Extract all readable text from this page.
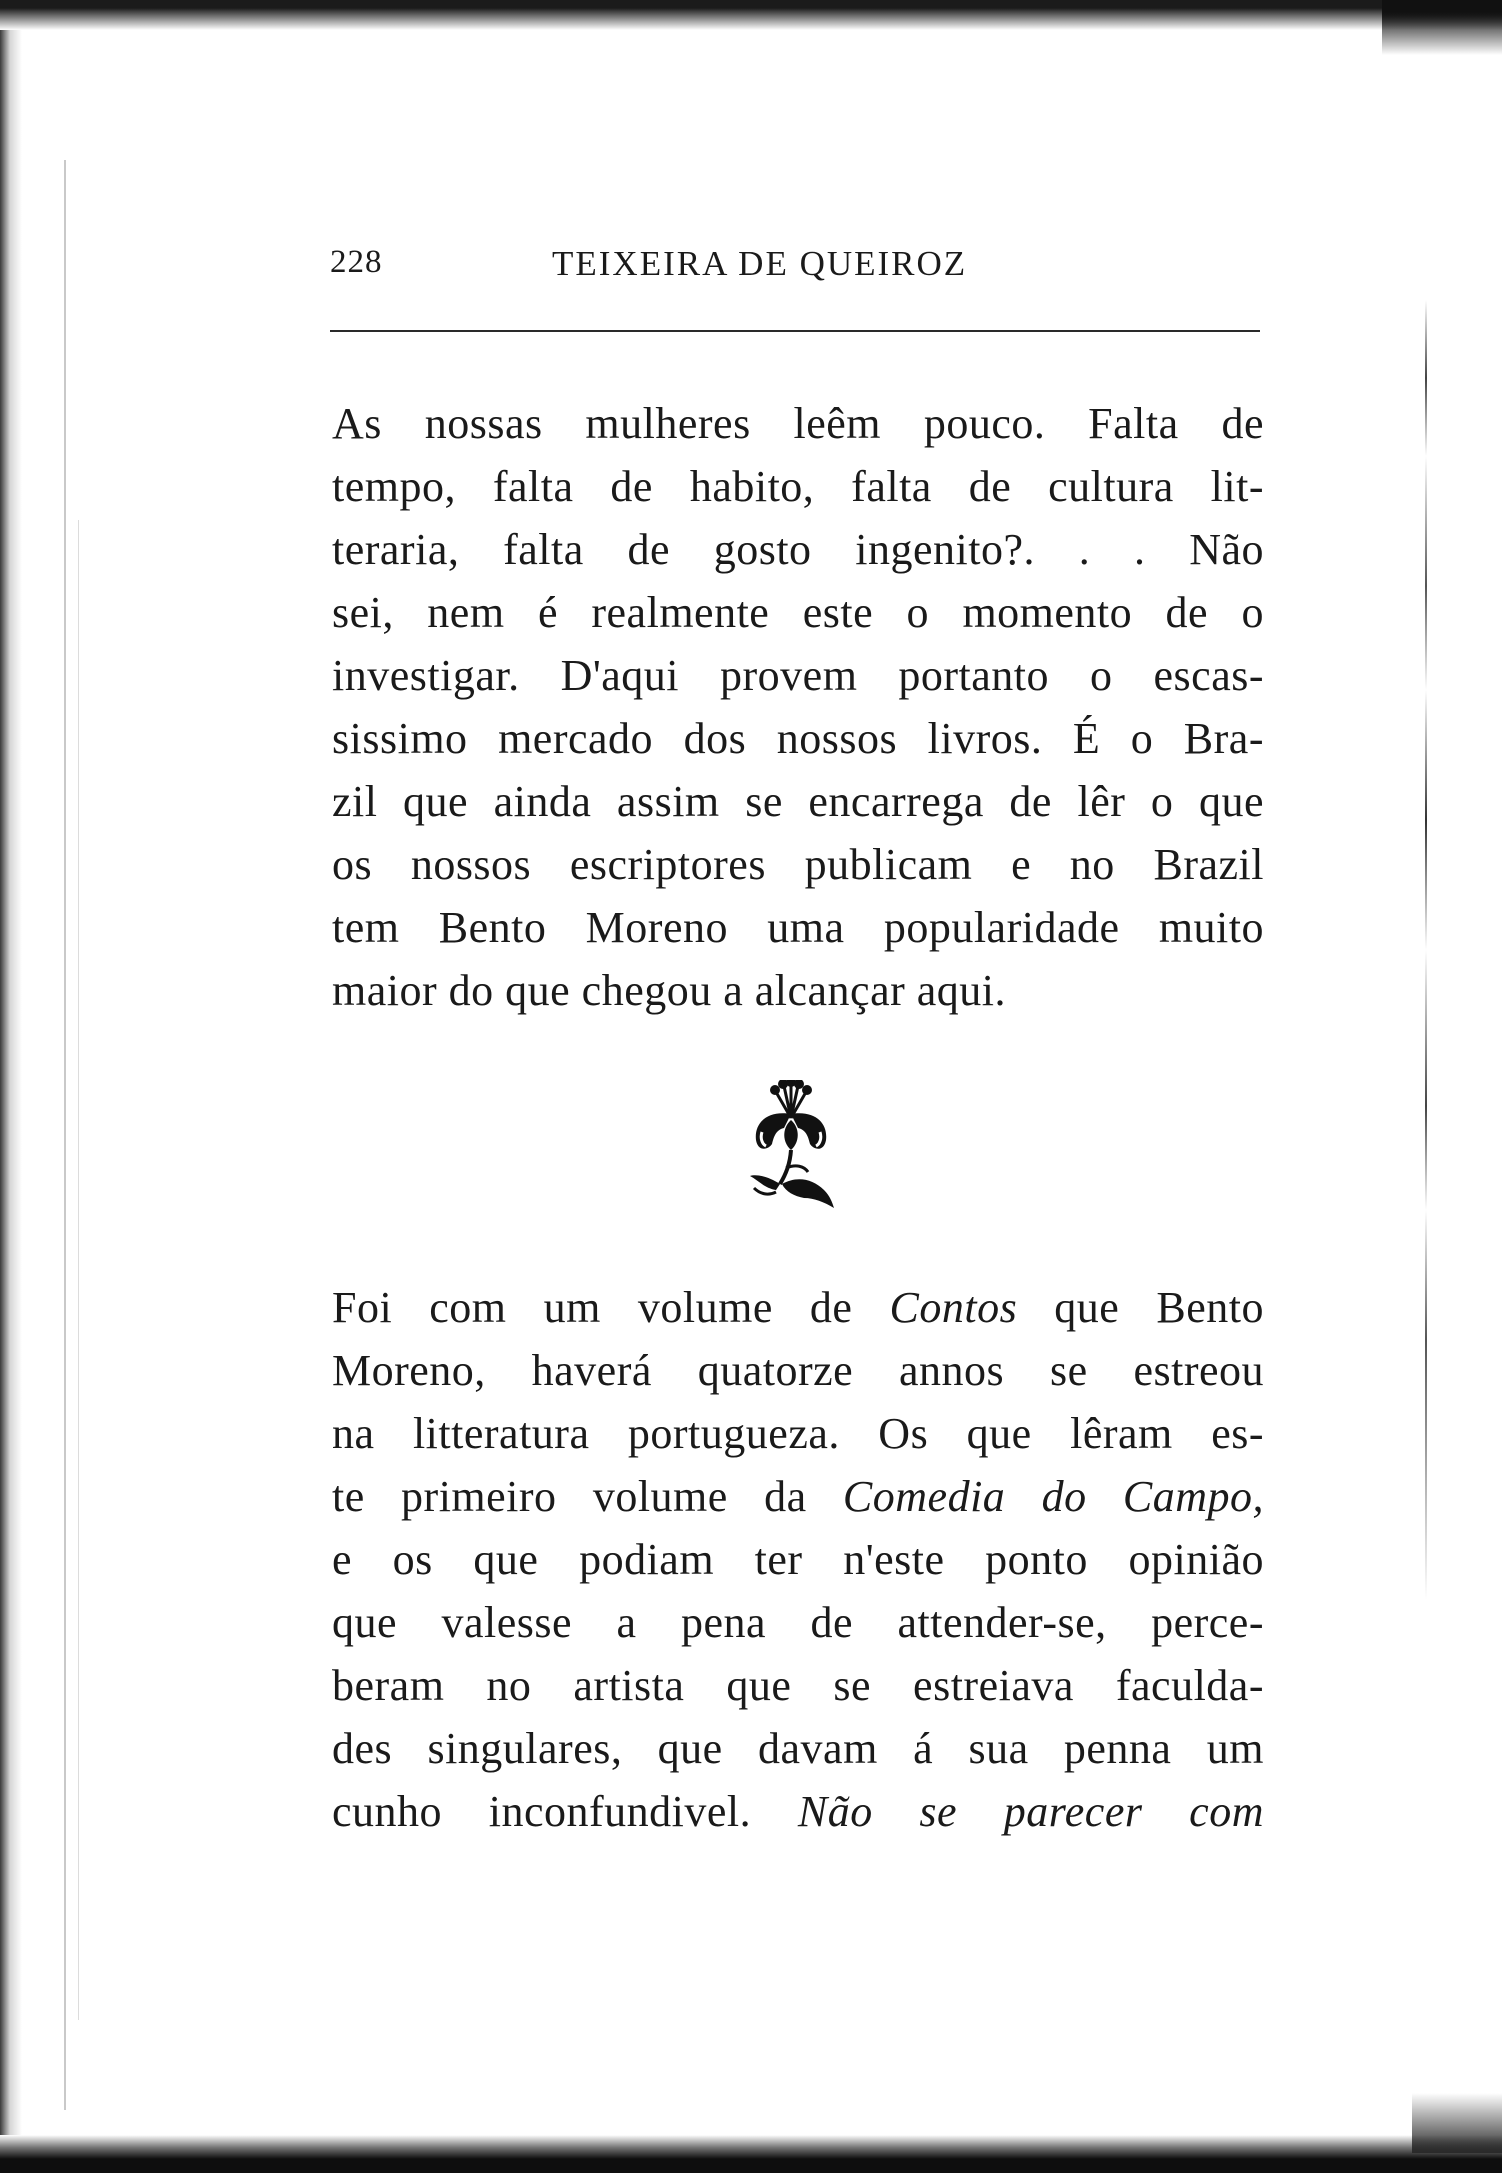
228	TEIXEIRA DE QUEIROZ

As nossas mulheres leêm pouco. Falta de
tempo, falta de habito, falta de cultura lit-
teraria, falta de gosto ingenito?. . . Não
sei, nem é realmente este o momento de o
investigar. D'aqui provem portanto o escas-
sissimo mercado dos nossos livros. É o Bra-
zil que ainda assim se encarrega de lêr o que
os nossos escriptores publicam e no Brazil
tem Bento Moreno uma popularidade muito
maior do que chegou a alcançar aqui.

Foi com um volume de Contos que Bento
Moreno, haverá quatorze annos se estreou
na litteratura portugueza. Os que lêram es-
te primeiro volume da Comedia do Campo,
e os que podiam ter n'este ponto opinião
que valesse a pena de attender-se, perce-
beram no artista que se estreiava faculda-
des singulares, que davam á sua penna um
cunho inconfundivel. Não se parecer com
